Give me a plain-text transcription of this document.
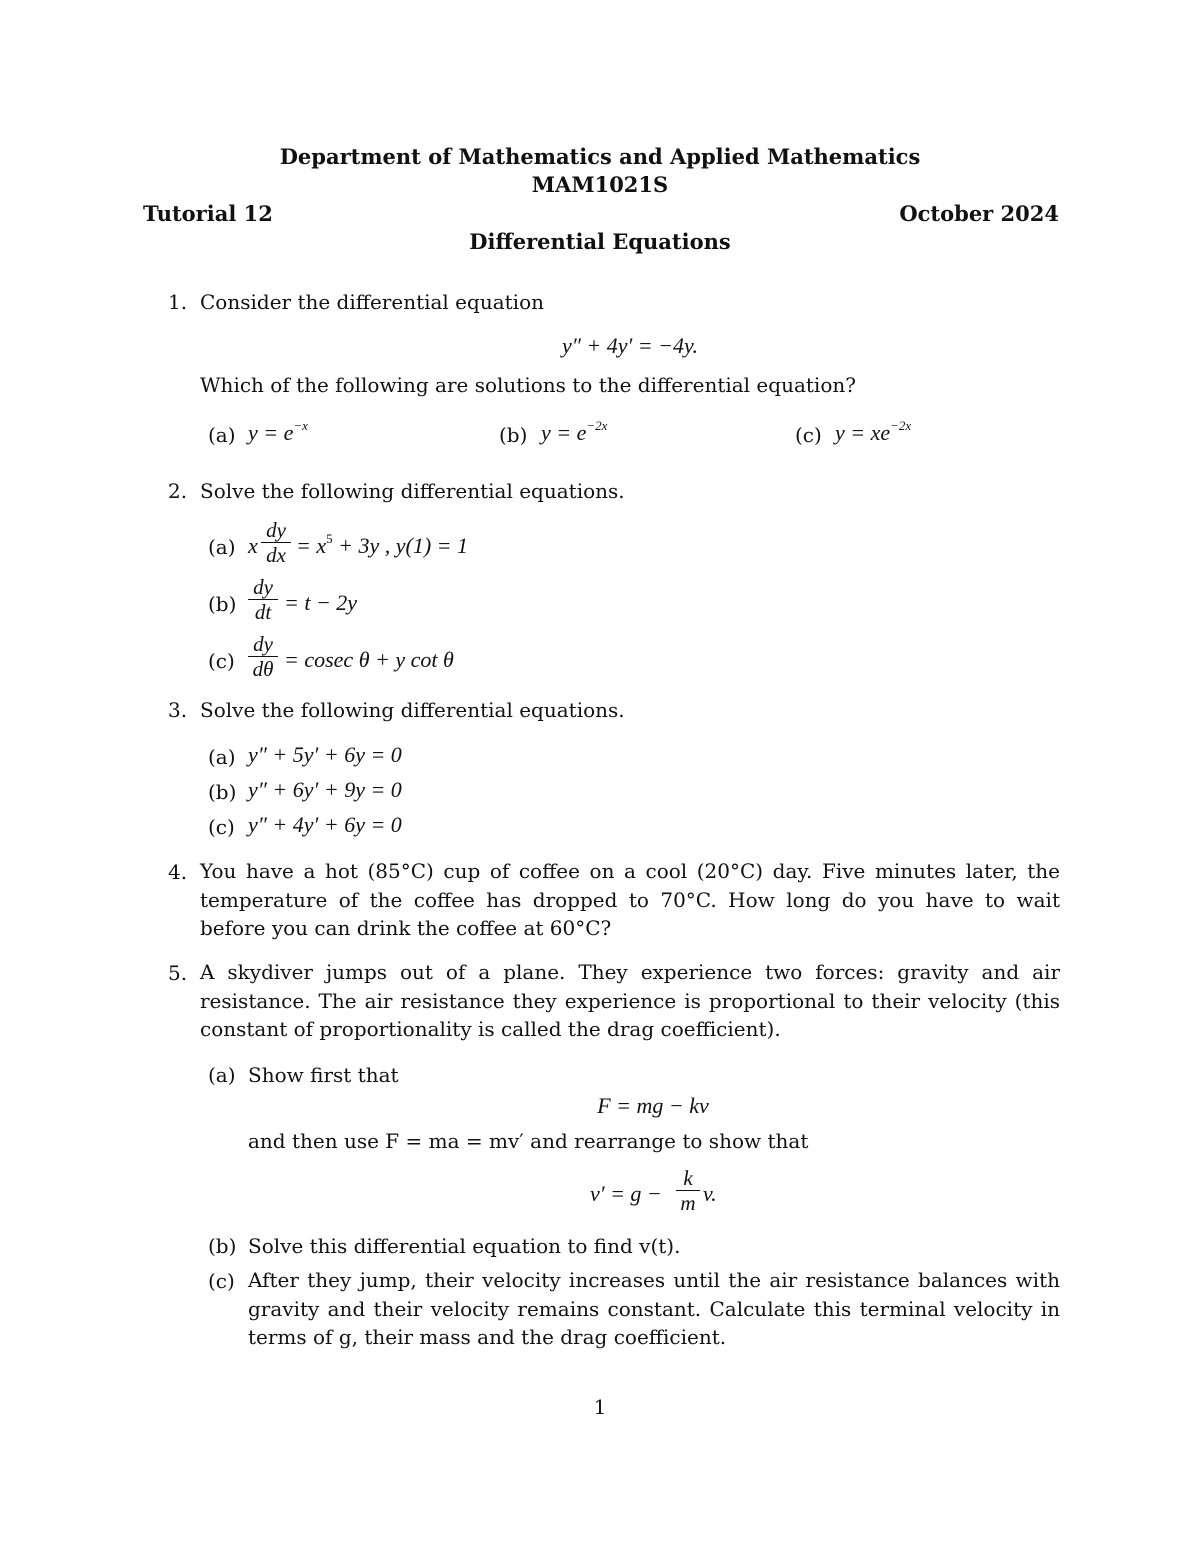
Department of Mathematics and Applied Mathematics
MAM1021S
Tutorial 12	October 2024
Differential Equations
1. Consider the differential equation
y″ + 4y′ = −4y.
Which of the following are solutions to the differential equation?
(a) $y = e^{-x}$	(b) $y = e^{-2x}$	(c) $y = xe^{-2x}$
2. Solve the following differential equations.
(a) x
dy
dx = $x^5 + 3y$ , y(1) = 1
(b)
dy
dt = t − 2y
(c)
dy
dθ = cosec θ + y cot θ
3. Solve the following differential equations.
(a) y″ + 5y′ + 6y = 0
(b) y″ + 6y′ + 9y = 0
(c) y″ + 4y′ + 6y = 0
4. You have a hot (85°C) cup of coffee on a cool (20°C) day. Five minutes later, the temperature of the coffee has dropped to 70°C. How long do you have to wait before you can drink the coffee at 60°C?
5. A skydiver jumps out of a plane. They experience two forces: gravity and air resistance. The air resistance they experience is proportional to their velocity (this constant of proportionality is called the drag coefficient).
(a) Show first that
F = mg − kv
and then use F = ma = mv′ and rearrange to show that
v′ = g −
k
m v.
(b) Solve this differential equation to find v(t).
(c) After they jump, their velocity increases until the air resistance balances with gravity and their velocity remains constant. Calculate this terminal velocity in terms of g, their mass and the drag coefficient.
1
